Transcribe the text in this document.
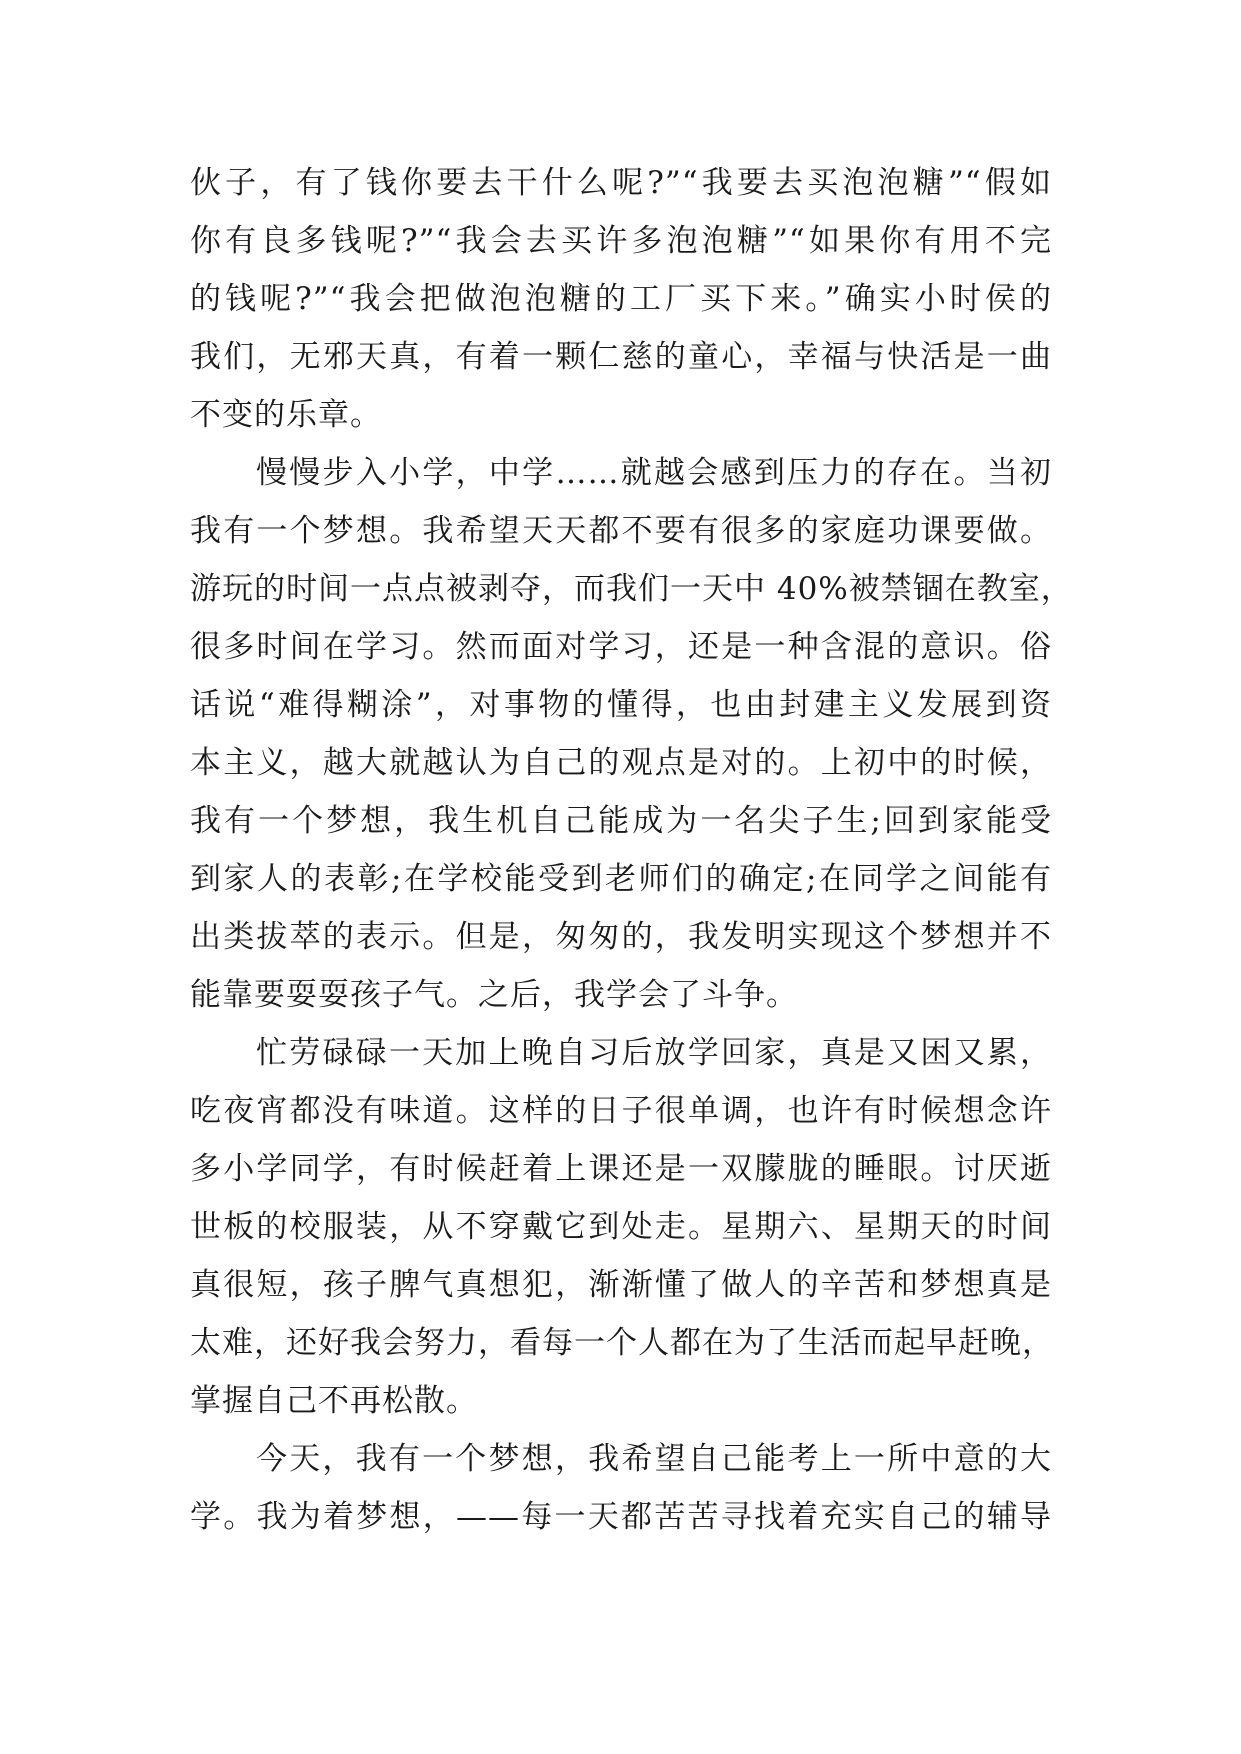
伙子，有了钱你要去干什么呢?”“我要去买泡泡糖”“假如
你有良多钱呢?”“我会去买许多泡泡糖”“如果你有用不完
的钱呢?”“我会把做泡泡糖的工厂买下来。”确实小时侯的
我们，无邪天真，有着一颗仁慈的童心，幸福与快活是一曲
不变的乐章。
慢慢步入小学，中学……就越会感到压力的存在。当初
我有一个梦想。我希望天天都不要有很多的家庭功课要做。
游玩的时间一点点被剥夺，而我们一天中 40%被禁锢在教室，
很多时间在学习。然而面对学习，还是一种含混的意识。俗
话说“难得糊涂”，对事物的懂得，也由封建主义发展到资
本主义，越大就越认为自己的观点是对的。上初中的时候，
我有一个梦想，我生机自己能成为一名尖子生;回到家能受
到家人的表彰;在学校能受到老师们的确定;在同学之间能有
出类拔萃的表示。但是，匆匆的，我发明实现这个梦想并不
能靠要耍耍孩子气。之后，我学会了斗争。
忙劳碌碌一天加上晚自习后放学回家，真是又困又累，
吃夜宵都没有味道。这样的日子很单调，也许有时候想念许
多小学同学，有时候赶着上课还是一双朦胧的睡眼。讨厌逝
世板的校服装，从不穿戴它到处走。星期六、星期天的时间
真很短，孩子脾气真想犯，渐渐懂了做人的辛苦和梦想真是
太难，还好我会努力，看每一个人都在为了生活而起早赶晚，
掌握自己不再松散。
今天，我有一个梦想，我希望自己能考上一所中意的大
学。我为着梦想，——每一天都苦苦寻找着充实自己的辅导
